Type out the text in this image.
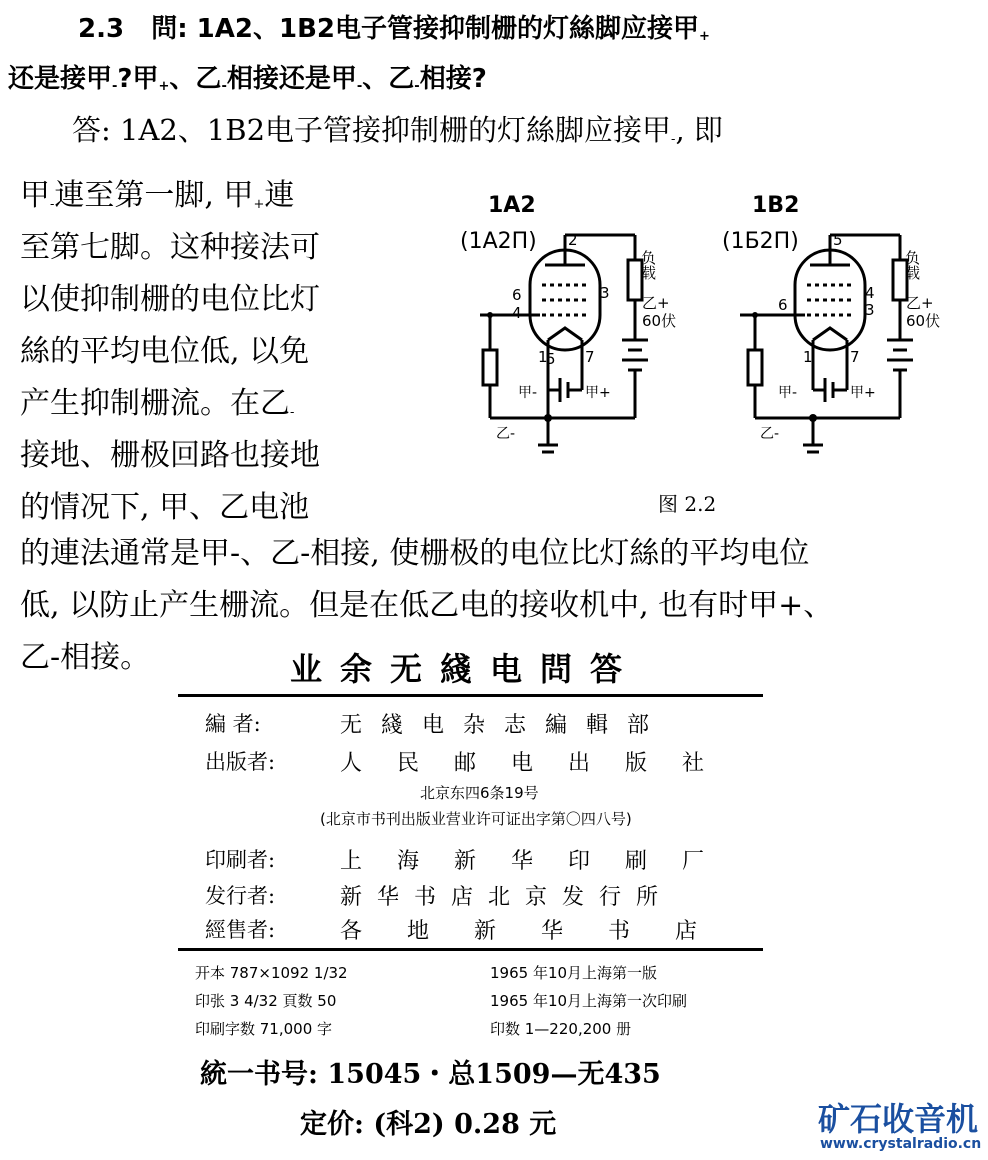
2.3 問: 1A2、1B2电子管接抑制栅的灯絲脚应接甲$_+$
还是接甲$_-$?甲$_+$、乙$_-$相接还是甲$_-$、乙$_-$相接?
答: 1A2、1B2电子管接抑制栅的灯絲脚应接甲$_-$, 即
甲$_-$連至第一脚, 甲$_+$連
至第七脚。这种接法可
以使抑制栅的电位比灯
絲的平均电位低, 以免
产生抑制栅流。在乙$_-$
接地、栅极回路也接地
的情况下, 甲、乙电池
1A2
(1A2П) 2
6
4
3
1
5 7
负载
乙+
60伏
甲-	甲+
乙-
1B2
(1Б2П) 5
6
4
3
1 7
负载
乙+
60伏
甲-	甲+
乙-
图 2.2
的連法通常是甲-、乙-相接, 使栅极的电位比灯絲的平均电位
低, 以防止产生栅流。但是在低乙电的接收机中, 也有时甲+、
乙-相接。	业余无綫电問答
編 者:	无 綫 电 杂 志 編 輯 部
出版者:	人 民 邮 电 出 版 社
北京东四6条19号
(北京市书刊出版业营业许可证出字第〇四八号)
印刷者:	上 海 新 华 印 刷 厂
发行者:	新 华 书 店 北 京 发 行 所
經售者:	各 地 新 华 书 店
开本 787×1092 1/32	1965 年10月上海第一版
印张 3 4/32 頁数 50	1965 年10月上海第一次印刷
印刷字数 71,000 字	印数 1—220,200 册
統一书号: 15045・总1509—无435
定价: (科2) 0.28 元	矿石收音机
www.crystalradio.cn
